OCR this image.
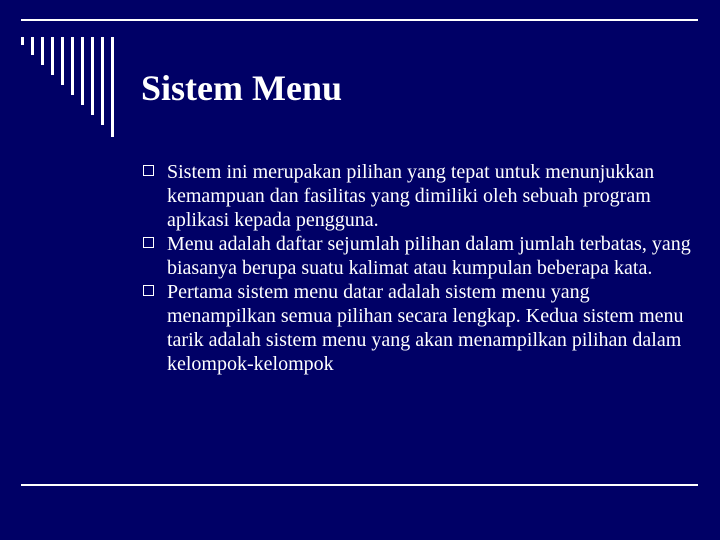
Sistem Menu
Sistem ini merupakan pilihan yang tepat untuk menunjukkan kemampuan dan fasilitas yang dimiliki oleh sebuah program aplikasi kepada pengguna.
Menu adalah daftar sejumlah pilihan dalam jumlah terbatas, yang biasanya berupa suatu kalimat atau kumpulan beberapa kata.
Pertama sistem menu datar adalah sistem menu yang menampilkan semua pilihan secara lengkap. Kedua sistem menu tarik adalah sistem menu yang akan menampilkan pilihan dalam kelompok-kelompok
